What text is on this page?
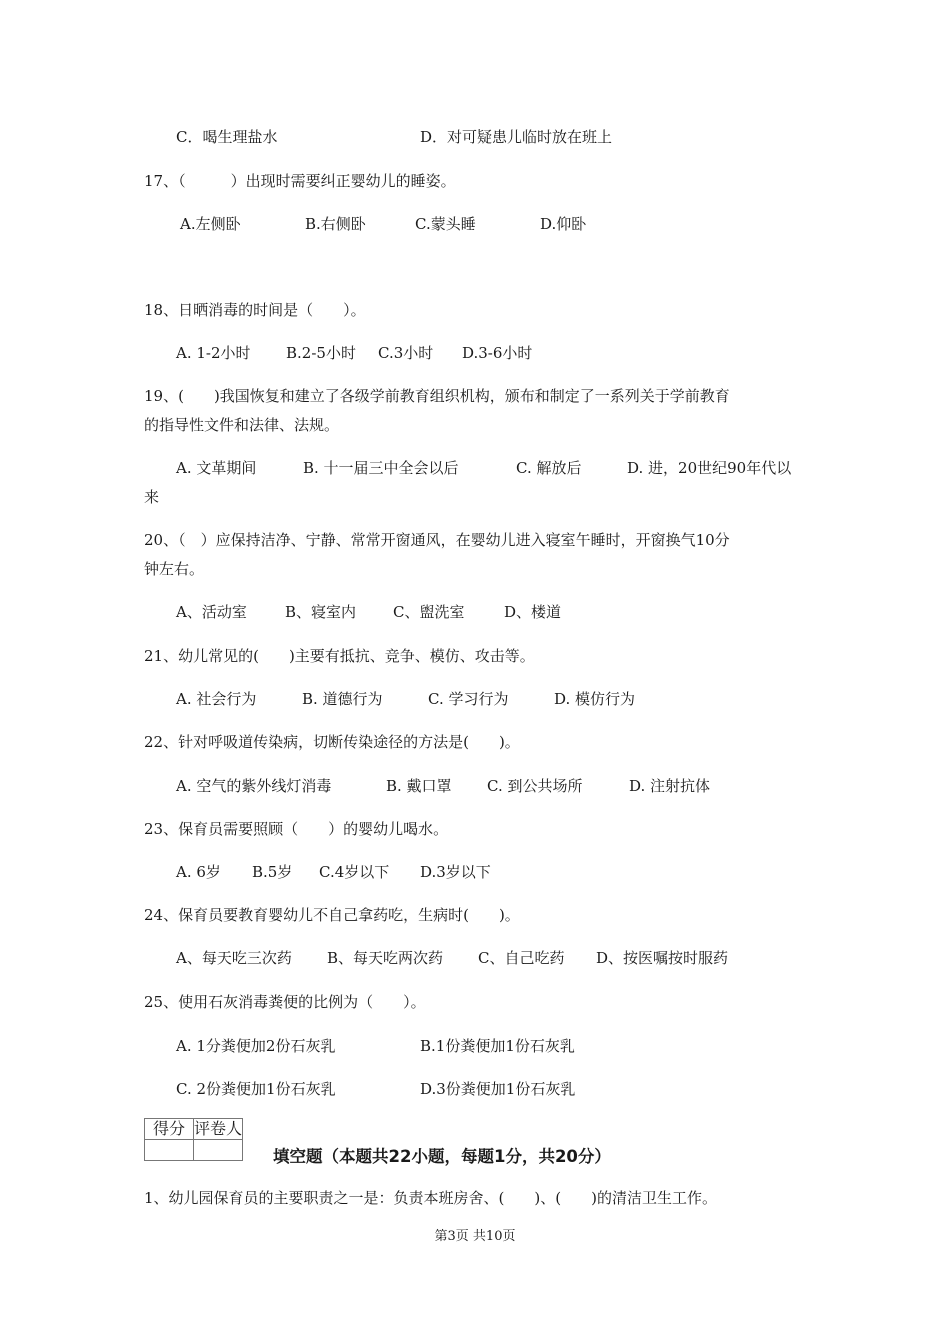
C．喝生理盐水	D．对可疑患儿临时放在班上
17、（　　　）出现时需要纠正婴幼儿的睡姿。
A.左侧卧	B.右侧卧	C.蒙头睡	D.仰卧
18、日晒消毒的时间是（　　）。
A. 1-2小时 B.2-5小时 C.3小时 D.3-6小时
19、(　　)我国恢复和建立了各级学前教育组织机构，颁布和制定了一系列关于学前教育
的指导性文件和法律、法规。
A. 文革期间	B. 十一届三中全会以后	C. 解放后	D. 进，20世纪90年代以
来
20、（　）应保持洁净、宁静、常常开窗通风，在婴幼儿进入寝室午睡时，开窗换气10分
钟左右。
A、活动室	B、寝室内 C、盥洗室	D、楼道
21、幼儿常见的(　　)主要有抵抗、竞争、模仿、攻击等。
A. 社会行为	B. 道德行为	C. 学习行为	D. 模仿行为
22、针对呼吸道传染病，切断传染途径的方法是(　　)。
A. 空气的紫外线灯消毒	B. 戴口罩 C. 到公共场所	D. 注射抗体
23、保育员需要照顾（　　）的婴幼儿喝水。
A. 6岁 B.5岁 C.4岁以下 D.3岁以下
24、保育员要教育婴幼儿不自己拿药吃，生病时(　　)。
A、每天吃三次药 B、每天吃两次药 C、自己吃药 D、按医嘱按时服药
25、使用石灰消毒粪便的比例为（　　）。
A. 1分粪便加2份石灰乳	B.1份粪便加1份石灰乳
C. 2份粪便加1份石灰乳	D.3份粪便加1份石灰乳
得分	评卷人

填空题（本题共22小题，每题1分，共20分）
1、幼儿园保育员的主要职责之一是：负责本班房舍、(　　)、(　　)的清洁卫生工作。
第3页 共10页
